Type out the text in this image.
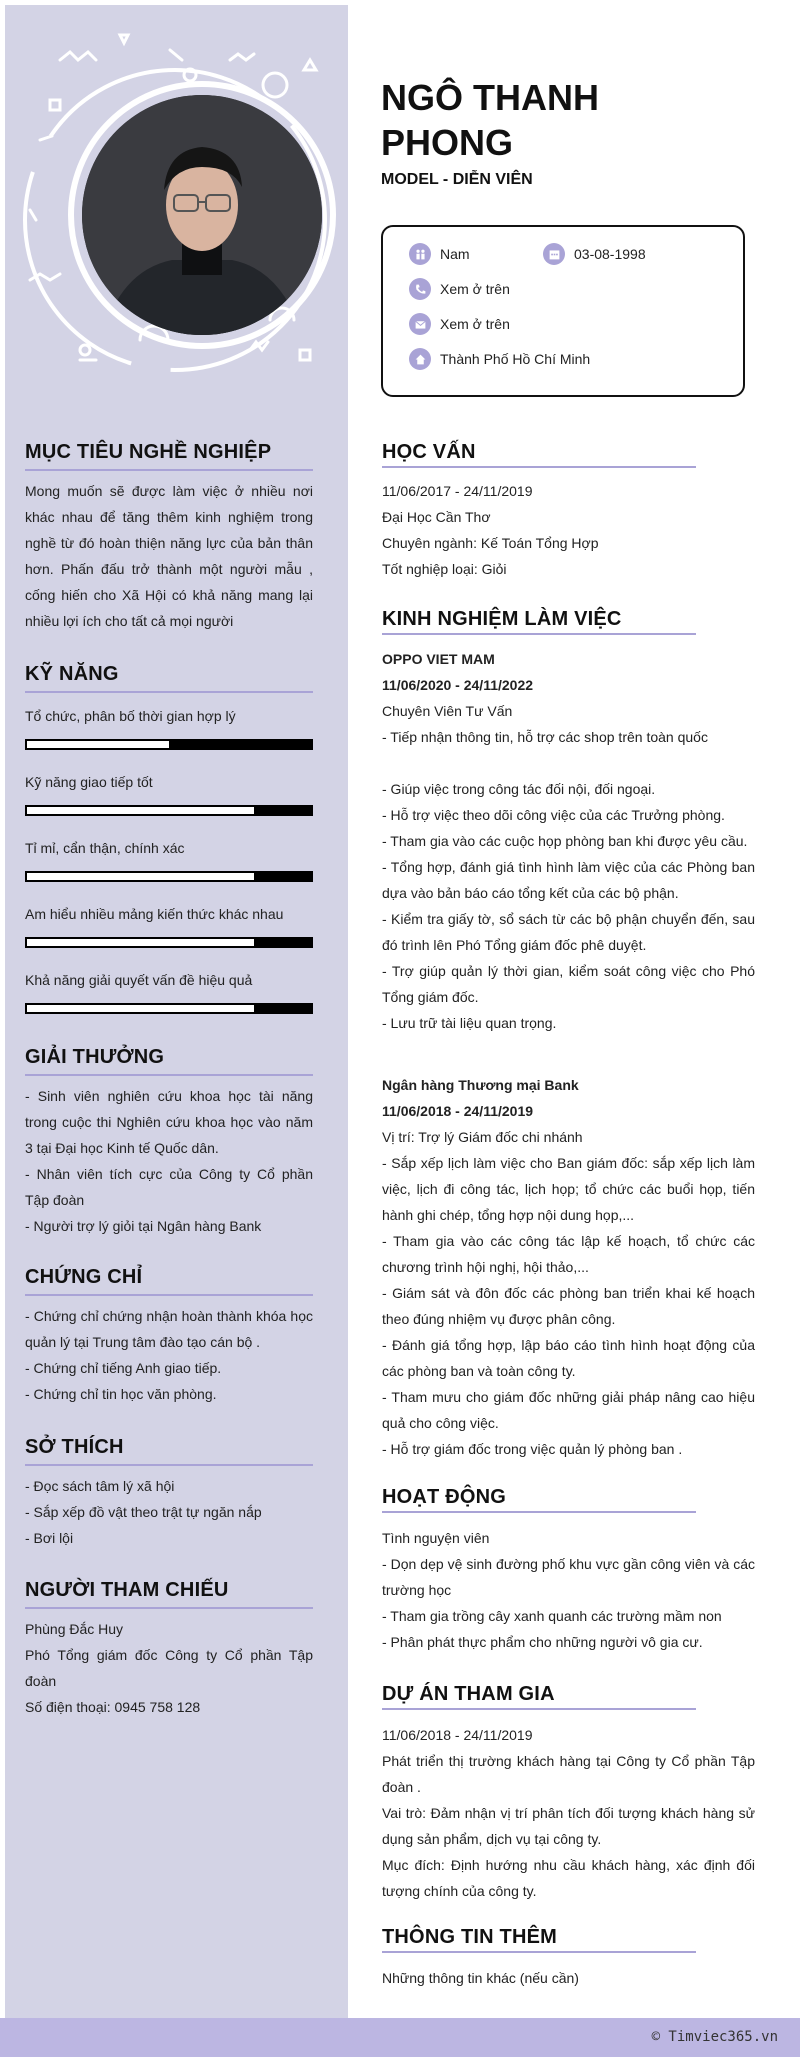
NGÔ THANH
PHONG
MODEL - DIỄN VIÊN
Nam	03-08-1998
Xem ở trên
Xem ở trên
Thành Phố Hồ Chí Minh
MỤC TIÊU NGHỀ NGHIỆP
Mong muốn sẽ được làm việc ở nhiều nơi khác nhau để tăng thêm kinh nghiệm trong nghề từ đó hoàn thiện năng lực của bản thân hơn. Phấn đấu trở thành một người mẫu , cống hiến cho Xã Hội có khả năng mang lại nhiều lợi ích cho tất cả mọi người
KỸ NĂNG
Tổ chức, phân bố thời gian hợp lý
Kỹ năng giao tiếp tốt
Tỉ mỉ, cẩn thận, chính xác
Am hiểu nhiều mảng kiến thức khác nhau
Khả năng giải quyết vấn đề hiệu quả
GIẢI THƯỞNG
- Sinh viên nghiên cứu khoa học tài năng trong cuộc thi Nghiên cứu khoa học vào năm 3 tại Đại học Kinh tế Quốc dân.
- Nhân viên tích cực của Công ty Cổ phần Tập đoàn
- Người trợ lý giỏi tại Ngân hàng Bank
CHỨNG CHỈ
- Chứng chỉ chứng nhận hoàn thành khóa học quản lý tại Trung tâm đào tạo cán bộ .
- Chứng chỉ tiếng Anh giao tiếp.
- Chứng chỉ tin học văn phòng.
SỞ THÍCH
- Đọc sách tâm lý xã hội
- Sắp xếp đồ vật theo trật tự ngăn nắp
- Bơi lội
NGƯỜI THAM CHIẾU
Phùng Đắc Huy
Phó Tổng giám đốc Công ty Cổ phần Tập đoàn
Số điện thoại: 0945 758 128
HỌC VẤN
11/06/2017 - 24/11/2019
Đại Học Cần Thơ
Chuyên ngành: Kế Toán Tổng Hợp
Tốt nghiệp loại: Giỏi
KINH NGHIỆM LÀM VIỆC
OPPO VIET MAM
11/06/2020 - 24/11/2022
Chuyên Viên Tư Vấn
- Tiếp nhận thông tin, hỗ trợ các shop trên toàn quốc
- Giúp việc trong công tác đối nội, đối ngoại.
- Hỗ trợ việc theo dõi công việc của các Trưởng phòng.
- Tham gia vào các cuộc họp phòng ban khi được yêu cầu.
- Tổng hợp, đánh giá tình hình làm việc của các Phòng ban dựa vào bản báo cáo tổng kết của các bộ phận.
- Kiểm tra giấy tờ, sổ sách từ các bộ phận chuyển đến, sau đó trình lên Phó Tổng giám đốc phê duyệt.
- Trợ giúp quản lý thời gian, kiểm soát công việc cho Phó Tổng giám đốc.
- Lưu trữ tài liệu quan trọng.
Ngân hàng Thương mại Bank
11/06/2018 - 24/11/2019
Vị trí: Trợ lý Giám đốc chi nhánh
- Sắp xếp lịch làm việc cho Ban giám đốc: sắp xếp lịch làm việc, lịch đi công tác, lịch họp; tổ chức các buổi họp, tiến hành ghi chép, tổng hợp nội dung họp,...
- Tham gia vào các công tác lập kế hoạch, tổ chức các chương trình hội nghị, hội thảo,...
- Giám sát và đôn đốc các phòng ban triển khai kế hoạch theo đúng nhiệm vụ được phân công.
- Đánh giá tổng hợp, lập báo cáo tình hình hoạt động của các phòng ban và toàn công ty.
- Tham mưu cho giám đốc những giải pháp nâng cao hiệu quả cho công việc.
- Hỗ trợ giám đốc trong việc quản lý phòng ban .
HOẠT ĐỘNG
Tình nguyện viên
- Dọn dẹp vệ sinh đường phố khu vực gần công viên và các trường học
- Tham gia trồng cây xanh quanh các trường mầm non
- Phân phát thực phẩm cho những người vô gia cư.
DỰ ÁN THAM GIA
11/06/2018 - 24/11/2019
Phát triển thị trường khách hàng tại Công ty Cổ phần Tập đoàn .
Vai trò: Đảm nhận vị trí phân tích đối tượng khách hàng sử dụng sản phẩm, dịch vụ tại công ty.
Mục đích: Định hướng nhu cầu khách hàng, xác định đối tượng chính của công ty.
THÔNG TIN THÊM
Những thông tin khác (nếu cần)
© Timviec365.vn
